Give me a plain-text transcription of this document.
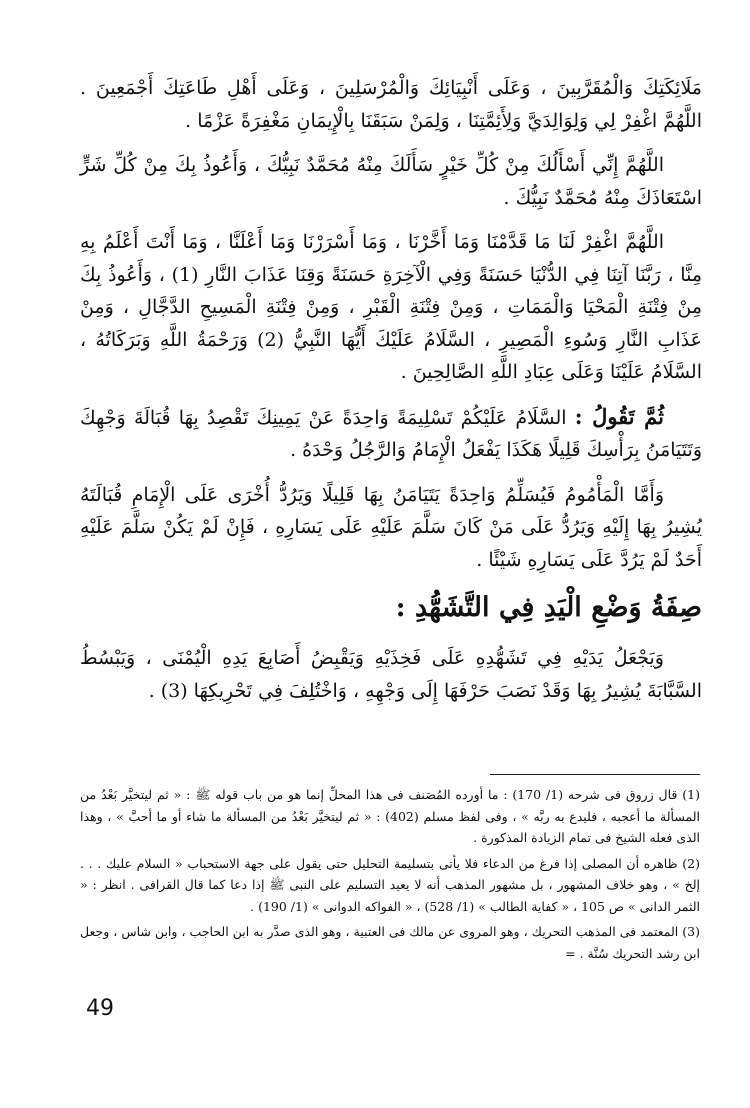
مَلَائِكَتِكَ وَالْمُقَرَّبِينَ ، وَعَلَى أَنْبِيَائِكَ وَالْمُرْسَلِينَ ، وَعَلَى أَهْلِ طَاعَتِكَ أَجْمَعِينَ . اللَّهُمَّ اغْفِرْ لِي وَلِوَالِدَيَّ وَلِأَئِمَّتِنَا ، وَلِمَنْ سَبَقَنَا بِالْإِيمَانِ مَغْفِرَةً عَزْمًا .

اللَّهُمَّ إِنِّي أَسْأَلُكَ مِنْ كُلِّ خَيْرٍ سَأَلَكَ مِنْهُ مُحَمَّدٌ نَبِيُّكَ ، وَأَعُوذُ بِكَ مِنْ كُلِّ شَرٍّ اسْتَعَاذَكَ مِنْهُ مُحَمَّدٌ نَبِيُّكَ .

اللَّهُمَّ اغْفِرْ لَنَا مَا قَدَّمْنَا وَمَا أَخَّرْنَا ، وَمَا أَسْرَرْنَا وَمَا أَعْلَنَّا ، وَمَا أَنْتَ أَعْلَمُ بِهِ مِنَّا ، رَبَّنَا آتِنَا فِي الدُّنْيَا حَسَنَةً وَفِي الْآخِرَةِ حَسَنَةً وَقِنَا عَذَابَ النَّارِ (1) ، وَأَعُوذُ بِكَ مِنْ فِتْنَةِ الْمَحْيَا وَالْمَمَاتِ ، وَمِنْ فِتْنَةِ الْقَبْرِ ، وَمِنْ فِتْنَةِ الْمَسِيحِ الدَّجَّالِ ، وَمِنْ عَذَابِ النَّارِ وَسُوءِ الْمَصِيرِ ، السَّلَامُ عَلَيْكَ أَيُّهَا النَّبِيُّ (2) وَرَحْمَةُ اللَّهِ وَبَرَكَاتُهُ ، السَّلَامُ عَلَيْنَا وَعَلَى عِبَادِ اللَّهِ الصَّالِحِينَ .

ثُمَّ تَقُولُ : السَّلَامُ عَلَيْكُمْ تَسْلِيمَةً وَاحِدَةً عَنْ يَمِينِكَ تَقْصِدُ بِهَا قُبَالَةَ وَجْهِكَ وَتَتَيَامَنُ بِرَأْسِكَ قَلِيلًا هَكَذَا يَفْعَلُ الْإِمَامُ وَالرَّجُلُ وَحْدَهُ .

وَأَمَّا الْمَأْمُومُ فَيُسَلِّمُ وَاحِدَةً يَتَيَامَنُ بِهَا قَلِيلًا وَيَرُدُّ أُخْرَى عَلَى الْإِمَامِ قُبَالَتَهُ يُشِيرُ بِهَا إِلَيْهِ وَيَرُدُّ عَلَى مَنْ كَانَ سَلَّمَ عَلَيْهِ عَلَى يَسَارِهِ ، فَإِنْ لَمْ يَكُنْ سَلَّمَ عَلَيْهِ أَحَدٌ لَمْ يَرُدَّ عَلَى يَسَارِهِ شَيْئًا .

صِفَةُ وَضْعِ الْيَدِ فِي التَّشَهُّدِ :

وَيَجْعَلُ يَدَيْهِ فِي تَشَهُّدِهِ عَلَى فَخِذَيْهِ وَيَقْبِضُ أَصَابِعَ يَدِهِ الْيُمْنَى ، وَيَبْسُطُ السَّبَّابَةَ يُشِيرُ بِهَا وَقَدْ نَصَبَ حَرْفَهَا إِلَى وَجْهِهِ ، وَاخْتُلِفَ فِي تَحْرِيكِهَا (3) .

(1) قال زروق فى شرحه (1/ 170) : ما أورده المُصَنف فى هذا المحلِّ إنما هو من باب قوله ﷺ : « ثم ليتخيَّر بَعْدُ من المسألة ما أعجبه ، فليدع به ربَّه » ، وفى لفظ مسلم (402) : « ثم ليتخيَّر بَعْدُ من المسألة ما شاء أو ما أحبَّ » ، وهذا الذى فعله الشيخ فى تمام الزيادة المذكورة .

(2) ظاهره أن المصلى إذا فرغ من الدعاء فلا يأتى بتسليمة التحليل حتى يقول على جهة الاستحباب « السلام عليك . . . إلخ » ، وهو خلاف المشهور ، بل مشهور المذهب أنه لا يعيد التسليم على النبى ﷺ إذا دعا كما قال القرافى . انظر : « الثمر الدانى » ص 105 ، « كفاية الطالب » (1/ 528) ، « الفواكه الدوانى » (1/ 190) .

(3) المعتمد فى المذهب التحريك ، وهو المروى عن مالك فى العتبية ، وهو الذى صدَّر به ابن الحاجب ، وابن شاس ، وجعل ابن رشد التحريك سُنَّة . =

49
